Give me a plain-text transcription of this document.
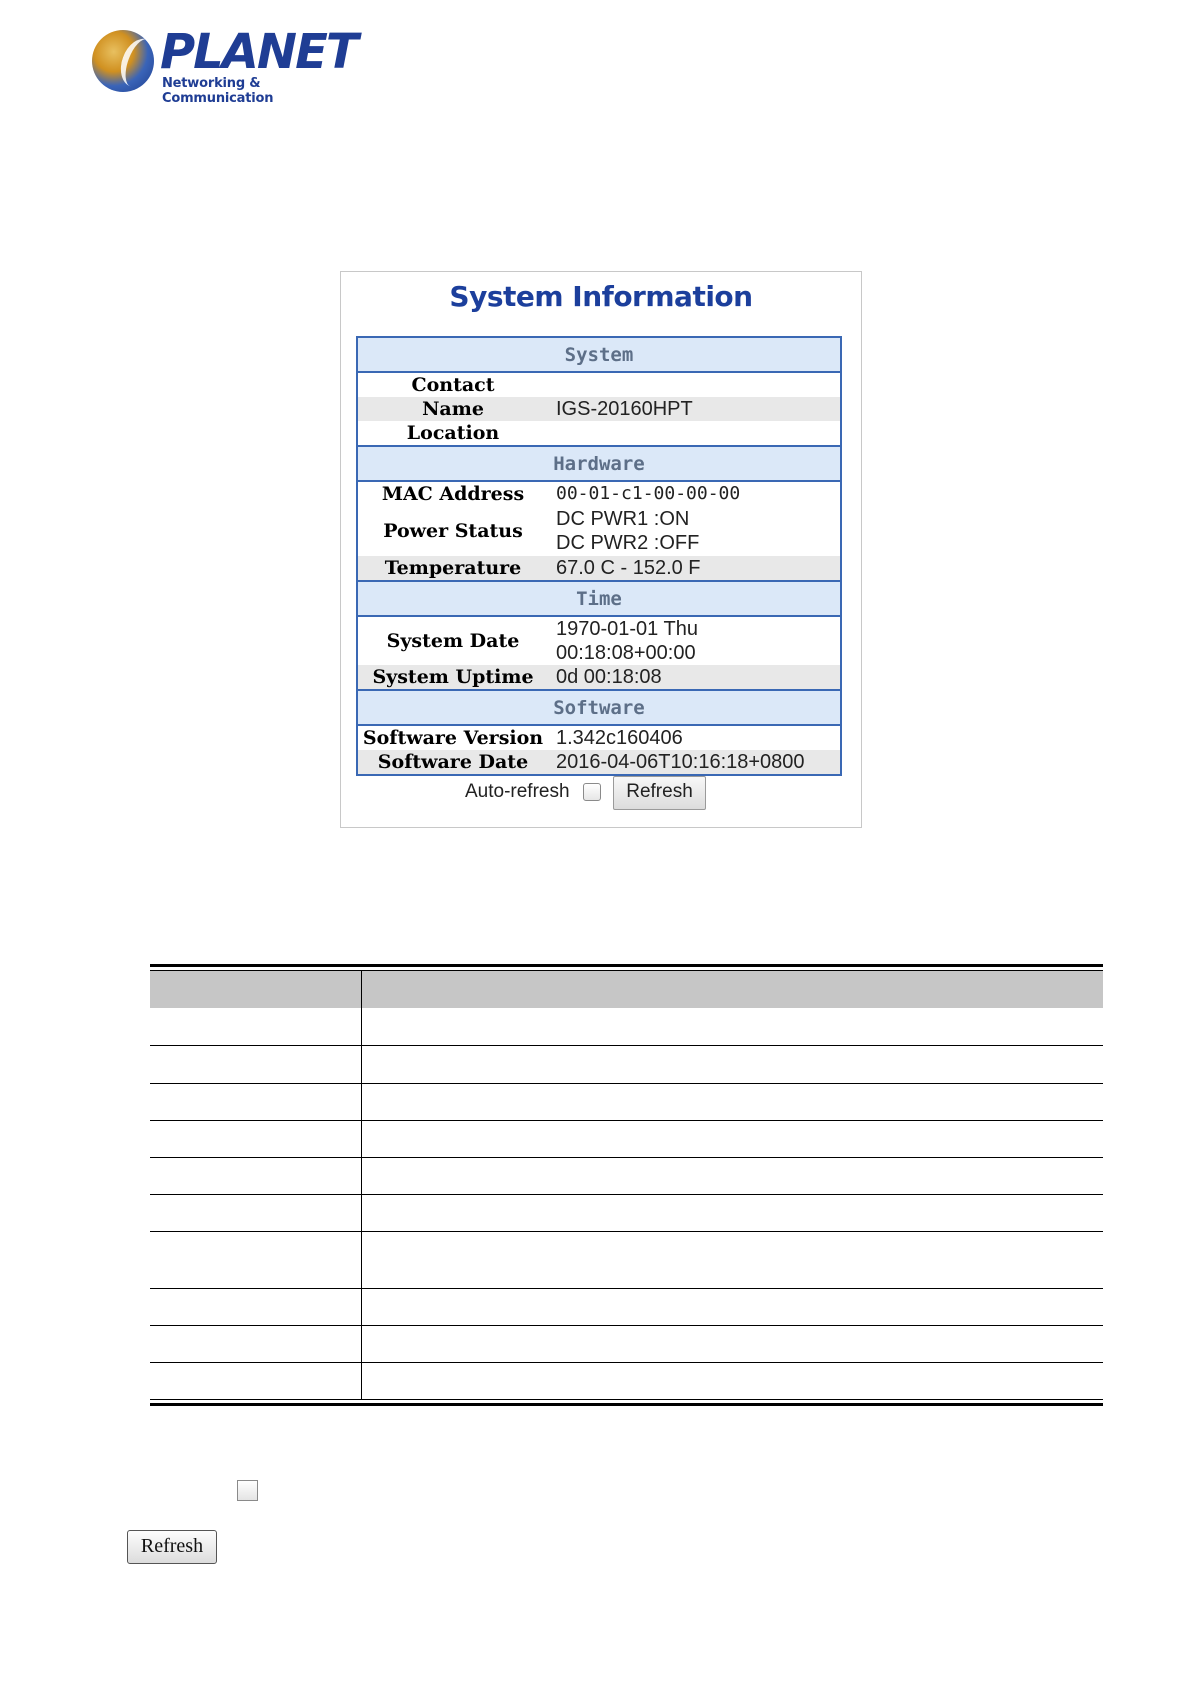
PLANET
Networking & Communication
System Information
System	
Contact	
Name	IGS-20160HPT
Location	
Hardware	
MAC Address	00-01-c1-00-00-00
Power Status	DC PWR1 :ON
DC PWR2 :OFF

Temperature	67.0 C - 152.0 F
Time	
System Date	1970-01-01 Thu 00:18:08+00:00
System Uptime	0d 00:18:08
Software	
Software Version	1.342c160406
Software Date	2016-04-06T10:16:18+0800
Auto-refresh	Refresh
Refresh
